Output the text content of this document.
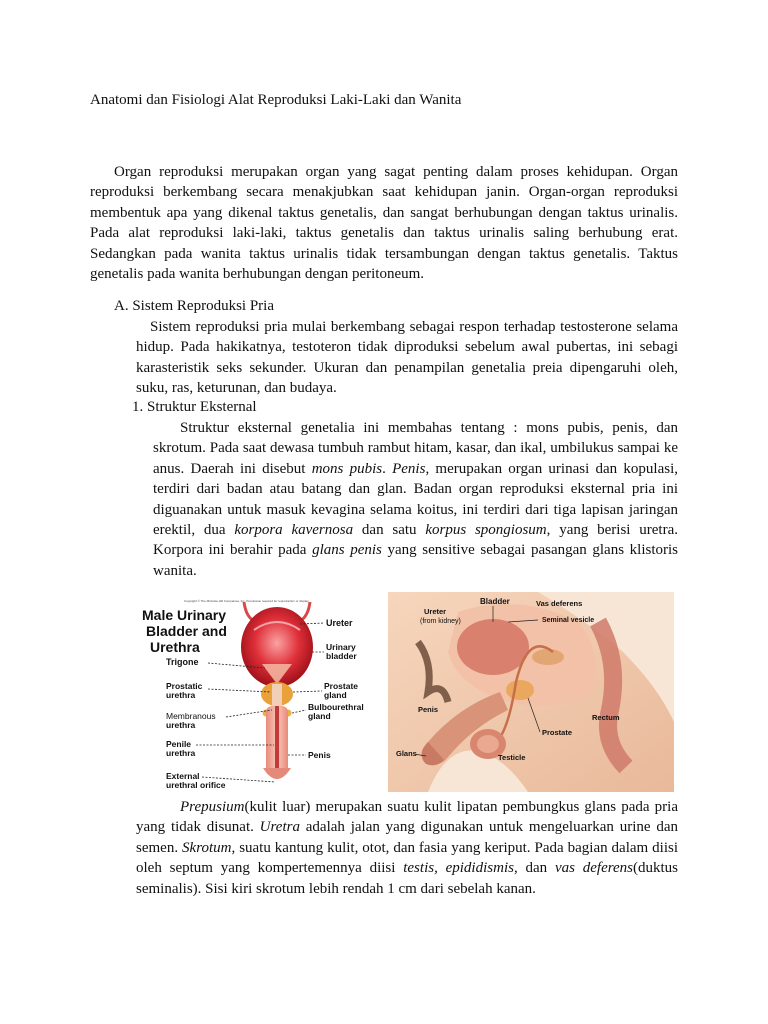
Anatomi dan Fisiologi Alat Reproduksi Laki-Laki dan Wanita

Organ reproduksi merupakan organ yang sagat penting dalam proses kehidupan. Organ reproduksi berkembang secara menakjubkan saat kehidupan janin. Organ-organ reproduksi membentuk apa yang dikenal taktus genetalis, dan sangat berhubungan dengan taktus urinalis. Pada alat reproduksi laki-laki, taktus genetalis dan taktus urinalis saling berhubung erat. Sedangkan pada wanita taktus urinalis tidak tersambungan dengan taktus genetalis. Taktus genetalis pada wanita berhubungan dengan peritoneum.

A. Sistem Reproduksi Pria

Sistem reproduksi pria mulai berkembang sebagai respon terhadap testosterone selama hidup. Pada hakikatnya, testoteron tidak diproduksi sebelum awal pubertas, ini sebagi karasteristik seks sekunder. Ukuran dan penampilan genetalia preia dipengaruhi oleh, suku, ras, keturunan, dan budaya.

1. Struktur Eksternal

Struktur eksternal genetalia ini membahas tentang : mons pubis, penis, dan skrotum. Pada saat dewasa tumbuh rambut hitam, kasar, dan ikal, umbilukus sampai ke anus. Daerah ini disebut mons pubis. Penis, merupakan organ urinasi dan kopulasi, terdiri dari badan atau batang dan glan. Badan organ reproduksi eksternal pria ini diguanakan untuk masuk kevagina selama koitus, ini terdiri dari tiga lapisan jaringan erektil, dua korpora kavernosa dan satu korpus spongiosum, yang berisi uretra. Korpora ini berahir pada glans penis yang sensitive sebagai pasangan glans klistoris wanita.

Copyright © The McGraw-Hill Companies, Inc. Permission required for reproduction or display.
Male Urinary
Bladder and
Urethra
Trigone
Prostatic
urethra
Membranous
urethra
Penile
urethra
External
urethral orifice
Ureter
Urinary
bladder
Prostate
gland
Bulbourethral
gland
Penis
Ureter
(from kidney)
Bladder	Vas deferens
Seminal vesicle
Penis
Rectum
Prostate
Glans	Testicle

Prepusium(kulit luar) merupakan suatu kulit lipatan pembungkus glans pada pria yang tidak disunat. Uretra adalah jalan yang digunakan untuk mengeluarkan urine dan semen. Skrotum, suatu kantung kulit, otot, dan fasia yang keriput. Pada bagian dalam diisi oleh septum yang kompertemennya diisi testis, epididismis, dan vas deferens(duktus seminalis). Sisi kiri skrotum lebih rendah 1 cm dari sebelah kanan.
